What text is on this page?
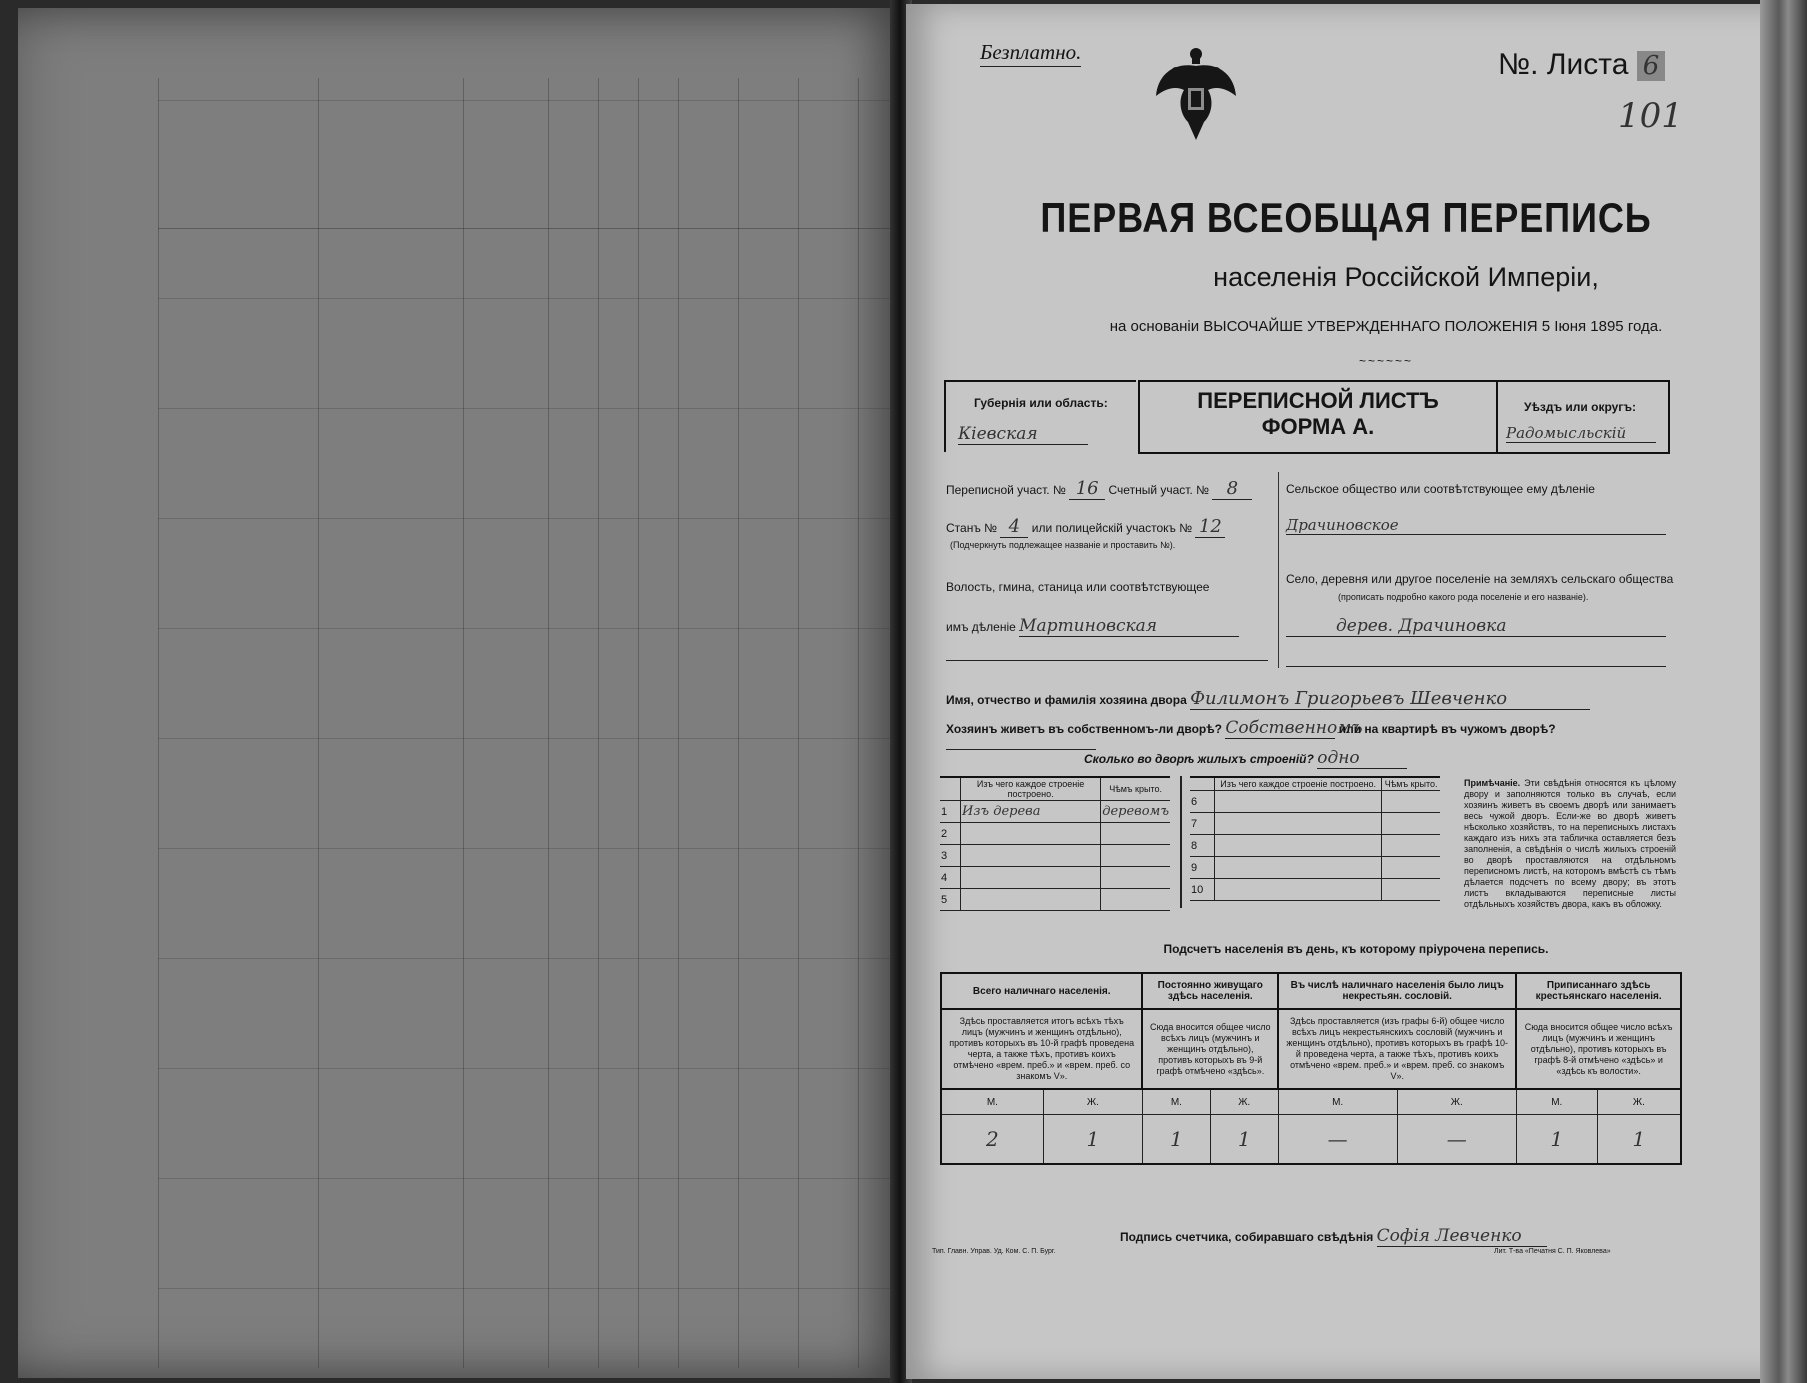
Безплатно.	№. Листа 6
101
ПЕРВАЯ ВСЕОБЩАЯ ПЕРЕПИСЬ
населенія Россійской Имперіи,
на основаніи ВЫСОЧАЙШЕ УТВЕРЖДЕННАГО ПОЛОЖЕНІЯ 5 Іюня 1895 года.
~~~~~~
Губернія или область:
Кіевская
ПЕРЕПИСНОЙ ЛИСТЪ
ФОРМА А.
Уѣздъ или округъ:
Радомысльскій
Переписной участ. № 16 Счетный участ. № 8
Станъ № 4 или полицейскій участокъ № 12
(Подчеркнуть подлежащее названіе и проставить №).
Волость, гмина, станица или соотвѣтствующее
имъ дѣленіе Мартиновская
Сельское общество или соотвѣтствующее ему дѣленіе
Драчиновское
Село, деревня или другое поселеніе на земляхъ сельскаго общества
(прописать подробно какого рода поселеніе и его названіе).
дерев. Драчиновка
Имя, отчество и фамилія хозяина двора Филимонъ Григорьевъ Шевченко
Хозяинъ живетъ въ собственномъ-ли дворѣ? Собственномъ или на квартирѣ въ чужомъ дворѣ?
Сколько во дворѣ жилыхъ строеній? одно
	Изъ чего каждое строеніе построено.	Чѣмъ крыто.
1	Изъ дерева	деревомъ
2		
3		
4		
5		
	Изъ чего каждое строеніе построено.	Чѣмъ крыто.
6		
7		
8		
9		
10		
Примѣчаніе. Эти свѣдѣнія относятся къ цѣлому двору и заполняются только въ случаѣ, если хозяинъ живетъ въ своемъ дворѣ или занимаетъ весь чужой дворъ. Если-же во дворѣ живетъ нѣсколько хозяйствъ, то на переписныхъ листахъ каждаго изъ нихъ эта табличка оставляется безъ заполненія, а свѣдѣнія о числѣ жилыхъ строеній во дворѣ проставляются на отдѣльномъ переписномъ листѣ, на которомъ вмѣстѣ съ тѣмъ дѣлается подсчетъ по всему двору; въ этотъ листъ вкладываются переписные листы отдѣльныхъ хозяйствъ двора, какъ въ обложку.
Подсчетъ населенія въ день, къ которому пріурочена перепись.
Всего наличнаго населенія.		Постоянно живущаго здѣсь населенія.		Въ числѣ наличнаго населенія было лицъ некрестьян. сословій.		Приписаннаго здѣсь крестьянскаго населенія.	
Здѣсь проставляется итогъ всѣхъ тѣхъ лицъ (мужчинъ и женщинъ отдѣльно), противъ которыхъ въ 10-й графѣ проведена черта, а также тѣхъ, противъ коихъ отмѣчено «врем. преб.» и «врем. преб. со знакомъ V».		Сюда вносится общее число всѣхъ лицъ (мужчинъ и женщинъ отдѣльно), противъ которыхъ въ 9-й графѣ отмѣчено «здѣсь».		Здѣсь проставляется (изъ графы 6-й) общее число всѣхъ лицъ некрестьянскихъ сословій (мужчинъ и женщинъ отдѣльно), противъ которыхъ въ графѣ 10-й проведена черта, а также тѣхъ, противъ коихъ отмѣчено «врем. преб.» и «врем. преб. со знакомъ V».		Сюда вносится общее число всѣхъ лицъ (мужчинъ и женщинъ отдѣльно), противъ которыхъ въ графѣ 8-й отмѣчено «здѣсь» и «здѣсь къ волости».	
М.	Ж.	М.	Ж.	М.	Ж.	М.	Ж.
2	1	1	1	—	—	1	1
Подпись счетчика, собиравшаго свѣдѣнія Софія Левченко
Тип. Главн. Управ. Уд. Ком. С. П. Бург.	Лит. Т-ва «Печатня С. П. Яковлева»
